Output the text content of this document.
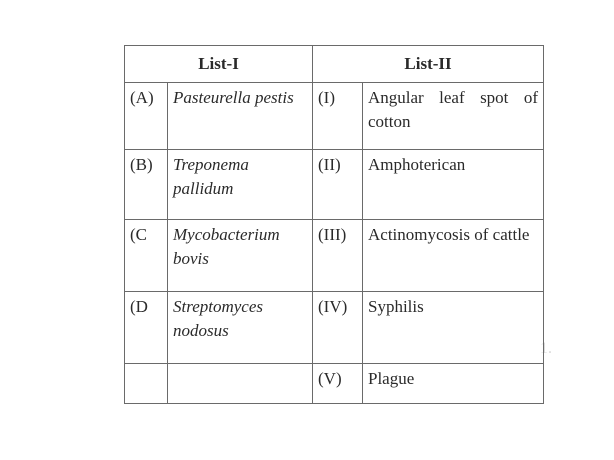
1.
List-I		List-II	
(A)	Pasteurella pestis	(I)	Angular leaf spot of cotton
(B)	Treponema pallidum	(II)	Amphoterican
(C	Mycobacterium bovis	(III)	Actinomycosis of cattle
(D	Streptomyces nodosus	(IV)	Syphilis
		(V)	Plague
